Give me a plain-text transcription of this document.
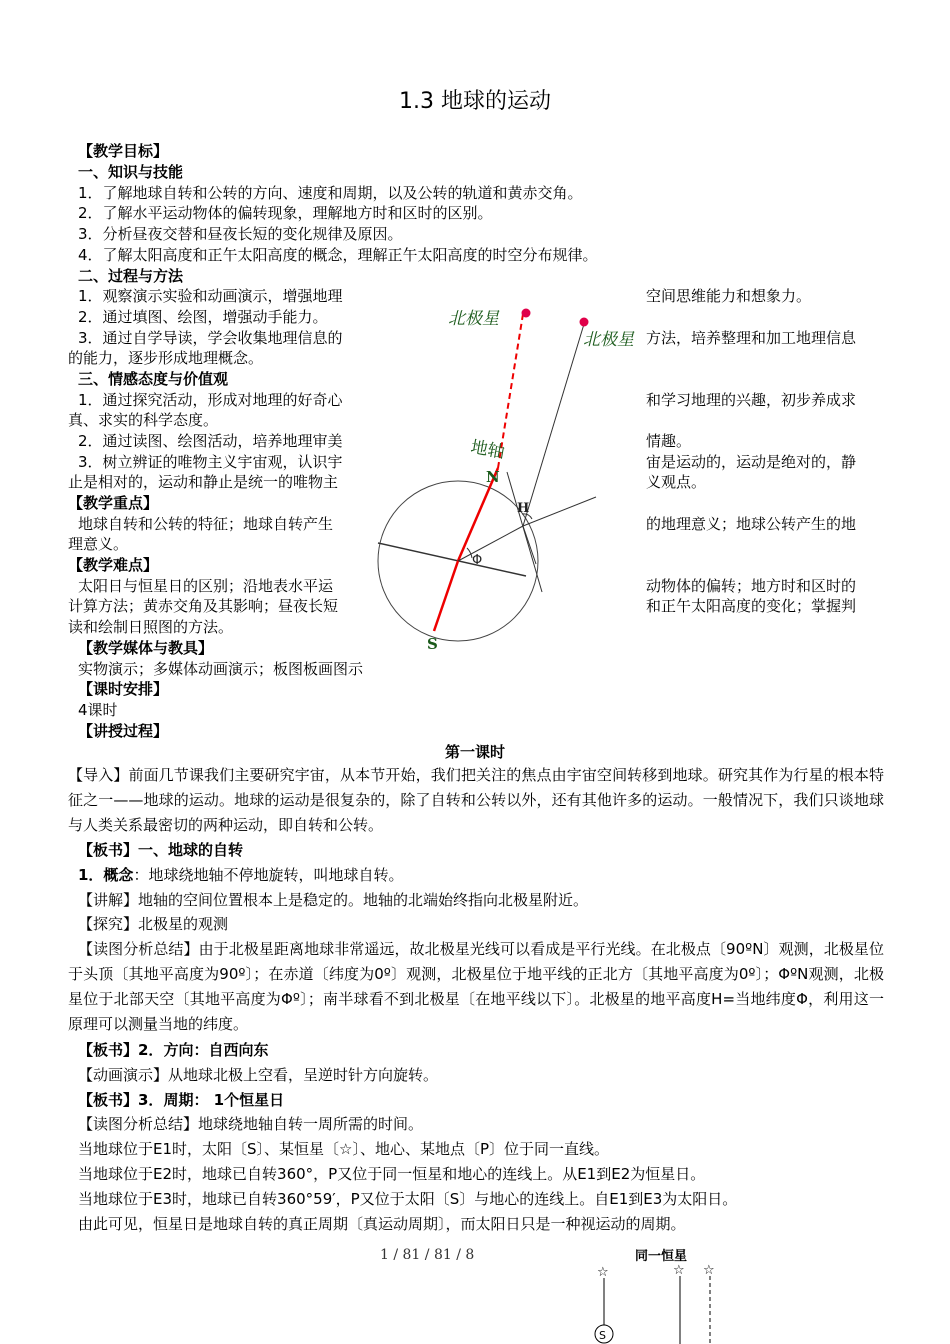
1.3 地球的运动
【教学目标】
一、知识与技能
1．了解地球自转和公转的方向、速度和周期，以及公转的轨道和黄赤交角。
2．了解水平运动物体的偏转现象，理解地方时和区时的区别。
3．分析昼夜交替和昼夜长短的变化规律及原因。
4．了解太阳高度和正午太阳高度的概念，理解正午太阳高度的时空分布规律。
二、过程与方法
1．观察演示实验和动画演示，增强地理	空间思维能力和想象力。
2．通过填图、绘图，增强动手能力。
3．通过自学导读，学会收集地理信息的	方法，培养整理和加工地理信息
的能力，逐步形成地理概念。
三、情感态度与价值观
1．通过探究活动，形成对地理的好奇心	和学习地理的兴趣，初步养成求
真、求实的科学态度。
2．通过读图、绘图活动，培养地理审美	情趣。
3．树立辨证的唯物主义宇宙观，认识宇	宙是运动的，运动是绝对的，静
止是相对的，运动和静止是统一的唯物主	义观点。
【教学重点】
地球自转和公转的特征；地球自转产生	的地理意义；地球公转产生的地
理意义。
【教学难点】
太阳日与恒星日的区别；沿地表水平运	动物体的偏转；地方时和区时的
计算方法；黄赤交角及其影响；昼夜长短	和正午太阳高度的变化；掌握判
读和绘制日照图的方法。
【教学媒体与教具】
实物演示；多媒体动画演示；板图板画图示
【课时安排】
4课时
【讲授过程】
第一课时
北极星
北极星
地轴
N
S
H
Φ
【导入】前面几节课我们主要研究宇宙，从本节开始，我们把关注的焦点由宇宙空间转移到地球。研究其作为行星的根本特征之一——地球的运动。地球的运动是很复杂的，除了自转和公转以外，还有其他许多的运动。一般情况下，我们只谈地球与人类关系最密切的两种运动，即自转和公转。
【板书】一、地球的自转
1．概念：地球绕地轴不停地旋转，叫地球自转。
【讲解】地轴的空间位置根本上是稳定的。地轴的北端始终指向北极星附近。
【探究】北极星的观测
【读图分析总结】由于北极星距离地球非常遥远，故北极星光线可以看成是平行光线。在北极点〔90ºN〕观测，北极星位于头顶〔其地平高度为90º〕；在赤道〔纬度为0º〕观测，北极星位于地平线的正北方〔其地平高度为0º〕；ΦºN观测，北极星位于北部天空〔其地平高度为Φº〕；南半球看不到北极星〔在地平线以下〕。北极星的地平高度H=当地纬度Φ，利用这一原理可以测量当地的纬度。
【板书】2．方向：自西向东
【动画演示】从地球北极上空看，呈逆时针方向旋转。
【板书】3．周期： 1个恒星日
【读图分析总结】地球绕地轴自转一周所需的时间。
当地球位于E1时，太阳〔S〕、某恒星〔☆〕、地心、某地点〔P〕位于同一直线。
当地球位于E2时，地球已自转360°，P又位于同一恒星和地心的连线上。从E1到E2为恒星日。
当地球位于E3时，地球已自转360°59′，P又位于太阳〔S〕与地心的连线上。自E1到E3为太阳日。
由此可见，恒星日是地球自转的真正周期〔真运动周期〕，而太阳日只是一种视运动的周期。
1 / 81 / 81 / 8	同一恒星
☆	☆ ☆
S
